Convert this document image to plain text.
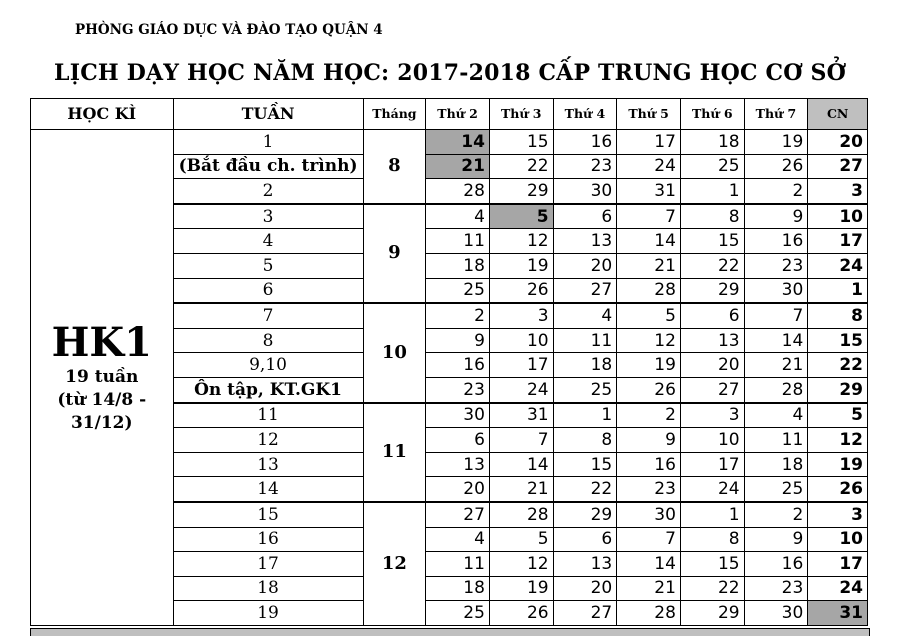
PHÒNG GIÁO DỤC VÀ ĐÀO TẠO QUẬN 4
LỊCH DẠY HỌC NĂM HỌC: 2017-2018 CẤP TRUNG HỌC CƠ SỞ
HỌC KÌ	TUẦN	Tháng	Thứ 2	Thứ 3	Thứ 4	Thứ 5	Thứ 6	Thứ 7	CN

HK1
19 tuần
(từ 14/8 -
31/12)	1	8	14	15	16	17	18	19	20
	(Bắt đầu ch. trình)		21	22	23	24	25	26	27
	2		28	29	30	31	1	2	3
	3	9	4	5	6	7	8	9	10
	4		11	12	13	14	15	16	17
	5		18	19	20	21	22	23	24
	6		25	26	27	28	29	30	1
	7	10	2	3	4	5	6	7	8
	8		9	10	11	12	13	14	15
	9,10		16	17	18	19	20	21	22
	Ôn tập, KT.GK1		23	24	25	26	27	28	29
	11	11	30	31	1	2	3	4	5
	12		6	7	8	9	10	11	12
	13		13	14	15	16	17	18	19
	14		20	21	22	23	24	25	26
	15	12	27	28	29	30	1	2	3
	16		4	5	6	7	8	9	10
	17		11	12	13	14	15	16	17
	18		18	19	20	21	22	23	24
	19		25	26	27	28	29	30	31
